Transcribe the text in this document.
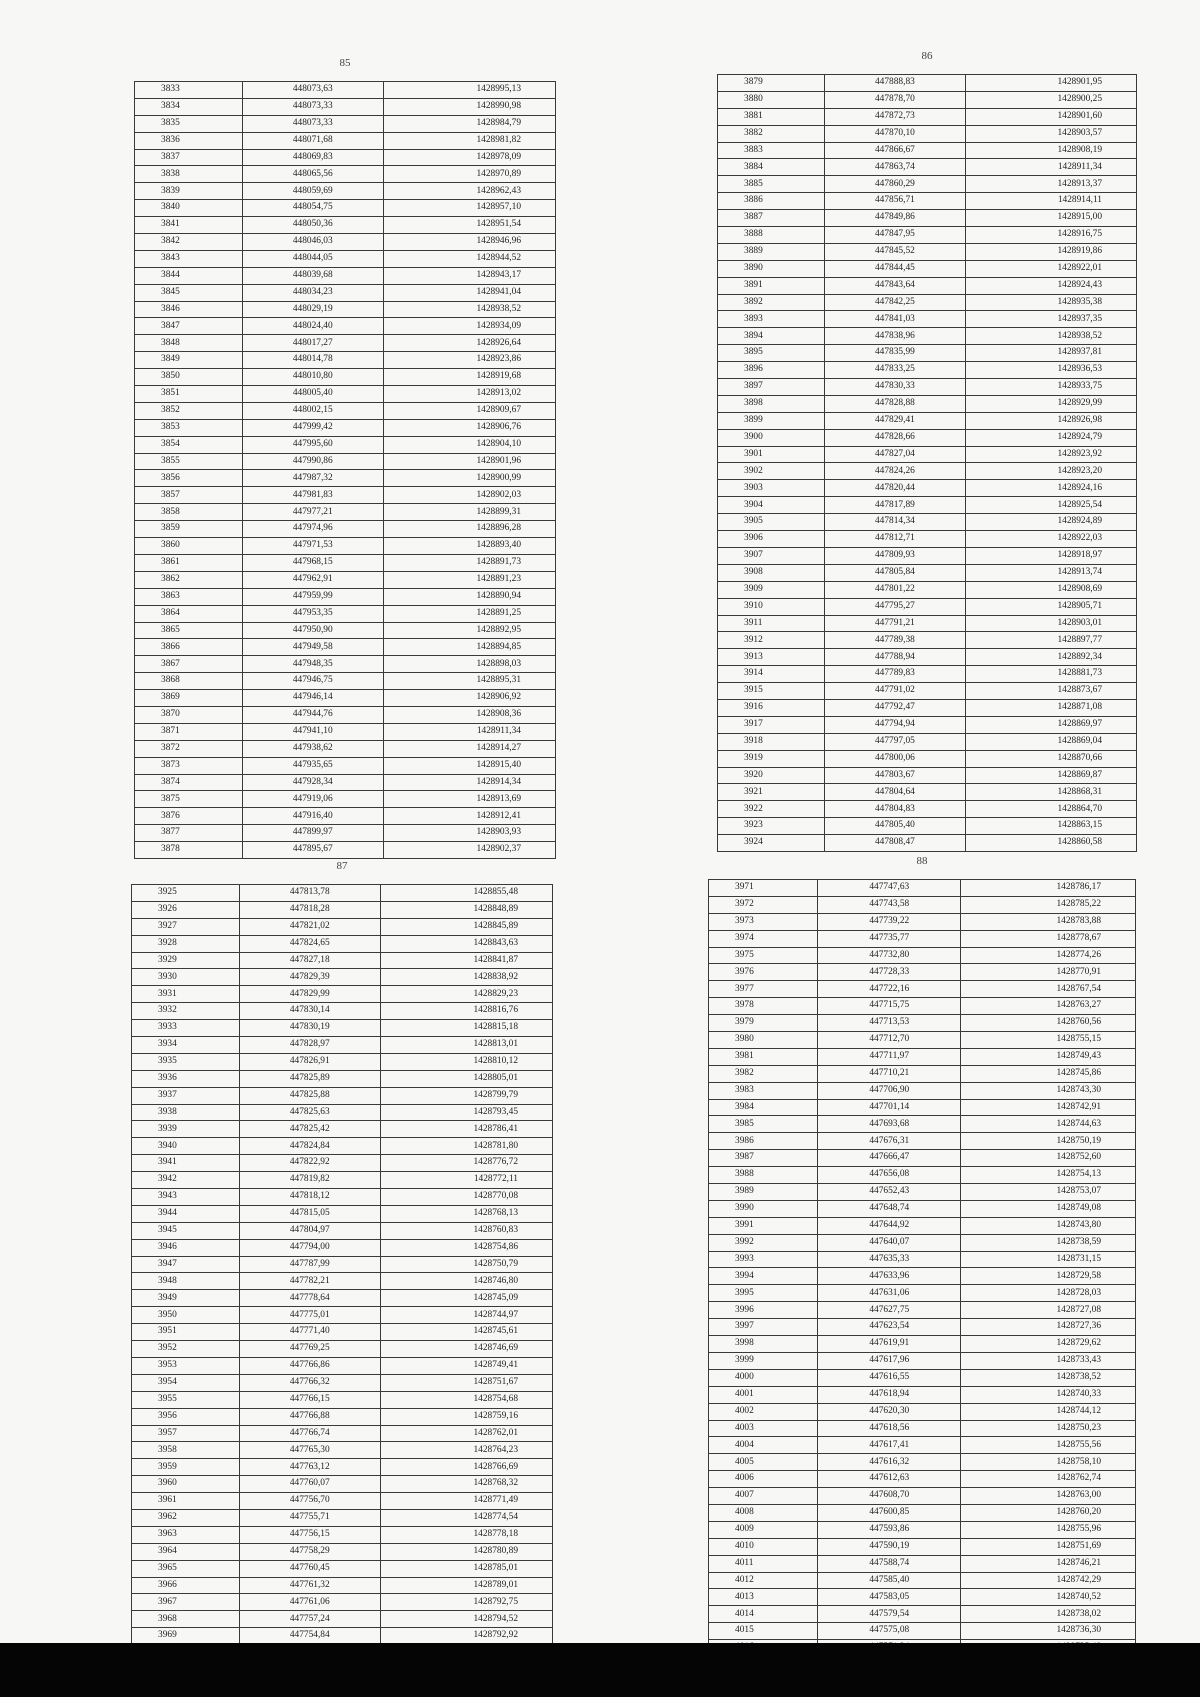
85
3833	448073,63	1428995,13
3834	448073,33	1428990,98
3835	448073,33	1428984,79
3836	448071,68	1428981,82
3837	448069,83	1428978,09
3838	448065,56	1428970,89
3839	448059,69	1428962,43
3840	448054,75	1428957,10
3841	448050,36	1428951,54
3842	448046,03	1428946,96
3843	448044,05	1428944,52
3844	448039,68	1428943,17
3845	448034,23	1428941,04
3846	448029,19	1428938,52
3847	448024,40	1428934,09
3848	448017,27	1428926,64
3849	448014,78	1428923,86
3850	448010,80	1428919,68
3851	448005,40	1428913,02
3852	448002,15	1428909,67
3853	447999,42	1428906,76
3854	447995,60	1428904,10
3855	447990,86	1428901,96
3856	447987,32	1428900,99
3857	447981,83	1428902,03
3858	447977,21	1428899,31
3859	447974,96	1428896,28
3860	447971,53	1428893,40
3861	447968,15	1428891,73
3862	447962,91	1428891,23
3863	447959,99	1428890,94
3864	447953,35	1428891,25
3865	447950,90	1428892,95
3866	447949,58	1428894,85
3867	447948,35	1428898,03
3868	447946,75	1428895,31
3869	447946,14	1428906,92
3870	447944,76	1428908,36
3871	447941,10	1428911,34
3872	447938,62	1428914,27
3873	447935,65	1428915,40
3874	447928,34	1428914,34
3875	447919,06	1428913,69
3876	447916,40	1428912,41
3877	447899,97	1428903,93
3878	447895,67	1428902,37
86
3879	447888,83	1428901,95
3880	447878,70	1428900,25
3881	447872,73	1428901,60
3882	447870,10	1428903,57
3883	447866,67	1428908,19
3884	447863,74	1428911,34
3885	447860,29	1428913,37
3886	447856,71	1428914,11
3887	447849,86	1428915,00
3888	447847,95	1428916,75
3889	447845,52	1428919,86
3890	447844,45	1428922,01
3891	447843,64	1428924,43
3892	447842,25	1428935,38
3893	447841,03	1428937,35
3894	447838,96	1428938,52
3895	447835,99	1428937,81
3896	447833,25	1428936,53
3897	447830,33	1428933,75
3898	447828,88	1428929,99
3899	447829,41	1428926,98
3900	447828,66	1428924,79
3901	447827,04	1428923,92
3902	447824,26	1428923,20
3903	447820,44	1428924,16
3904	447817,89	1428925,54
3905	447814,34	1428924,89
3906	447812,71	1428922,03
3907	447809,93	1428918,97
3908	447805,84	1428913,74
3909	447801,22	1428908,69
3910	447795,27	1428905,71
3911	447791,21	1428903,01
3912	447789,38	1428897,77
3913	447788,94	1428892,34
3914	447789,83	1428881,73
3915	447791,02	1428873,67
3916	447792,47	1428871,08
3917	447794,94	1428869,97
3918	447797,05	1428869,04
3919	447800,06	1428870,66
3920	447803,67	1428869,87
3921	447804,64	1428868,31
3922	447804,83	1428864,70
3923	447805,40	1428863,15
3924	447808,47	1428860,58
87
3925	447813,78	1428855,48
3926	447818,28	1428848,89
3927	447821,02	1428845,89
3928	447824,65	1428843,63
3929	447827,18	1428841,87
3930	447829,39	1428838,92
3931	447829,99	1428829,23
3932	447830,14	1428816,76
3933	447830,19	1428815,18
3934	447828,97	1428813,01
3935	447826,91	1428810,12
3936	447825,89	1428805,01
3937	447825,88	1428799,79
3938	447825,63	1428793,45
3939	447825,42	1428786,41
3940	447824,84	1428781,80
3941	447822,92	1428776,72
3942	447819,82	1428772,11
3943	447818,12	1428770,08
3944	447815,05	1428768,13
3945	447804,97	1428760,83
3946	447794,00	1428754,86
3947	447787,99	1428750,79
3948	447782,21	1428746,80
3949	447778,64	1428745,09
3950	447775,01	1428744,97
3951	447771,40	1428745,61
3952	447769,25	1428746,69
3953	447766,86	1428749,41
3954	447766,32	1428751,67
3955	447766,15	1428754,68
3956	447766,88	1428759,16
3957	447766,74	1428762,01
3958	447765,30	1428764,23
3959	447763,12	1428766,69
3960	447760,07	1428768,32
3961	447756,70	1428771,49
3962	447755,71	1428774,54
3963	447756,15	1428778,18
3964	447758,29	1428780,89
3965	447760,45	1428785,01
3966	447761,32	1428789,01
3967	447761,06	1428792,75
3968	447757,24	1428794,52
3969	447754,84	1428792,92

88
3971	447747,63	1428786,17
3972	447743,58	1428785,22
3973	447739,22	1428783,88
3974	447735,77	1428778,67
3975	447732,80	1428774,26
3976	447728,33	1428770,91
3977	447722,16	1428767,54
3978	447715,75	1428763,27
3979	447713,53	1428760,56
3980	447712,70	1428755,15
3981	447711,97	1428749,43
3982	447710,21	1428745,86
3983	447706,90	1428743,30
3984	447701,14	1428742,91
3985	447693,68	1428744,63
3986	447676,31	1428750,19
3987	447666,47	1428752,60
3988	447656,08	1428754,13
3989	447652,43	1428753,07
3990	447648,74	1428749,08
3991	447644,92	1428743,80
3992	447640,07	1428738,59
3993	447635,33	1428731,15
3994	447633,96	1428729,58
3995	447631,06	1428728,03
3996	447627,75	1428727,08
3997	447623,54	1428727,36
3998	447619,91	1428729,62
3999	447617,96	1428733,43
4000	447616,55	1428738,52
4001	447618,94	1428740,33
4002	447620,30	1428744,12
4003	447618,56	1428750,23
4004	447617,41	1428755,56
4005	447616,32	1428758,10
4006	447612,63	1428762,74
4007	447608,70	1428763,00
4008	447600,85	1428760,20
4009	447593,86	1428755,96
4010	447590,19	1428751,69
4011	447588,74	1428746,21
4012	447585,40	1428742,29
4013	447583,05	1428740,52
4014	447579,54	1428738,02
4015	447575,08	1428736,30
